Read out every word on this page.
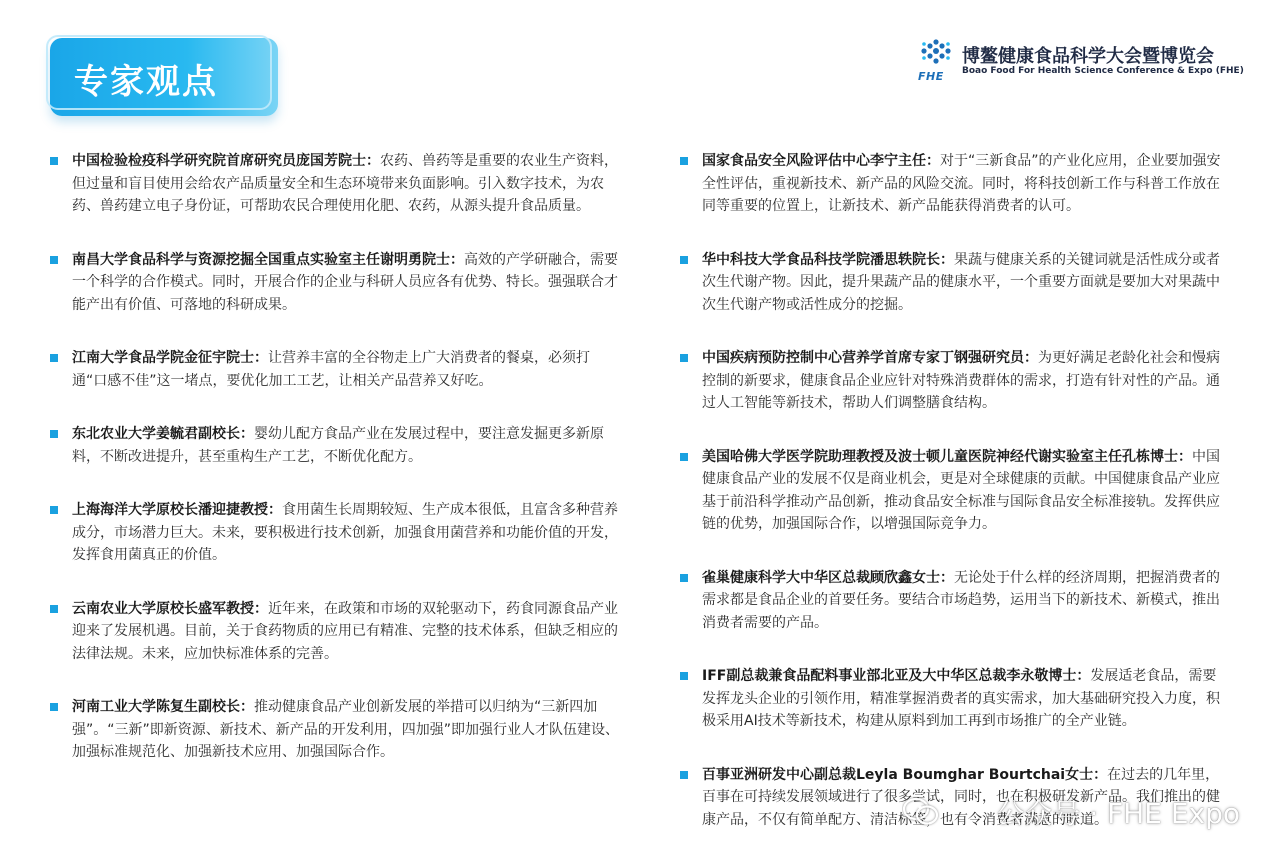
专家观点	FHE
博鳌健康食品科学大会暨博览会
Boao Food For Health Science Conference & Expo (FHE)

中国检验检疫科学研究院首席研究员庞国芳院士：农药、兽药等是重要的农业生产资料，但过量和盲目使用会给农产品质量安全和生态环境带来负面影响。引入数字技术，为农药、兽药建立电子身份证，可帮助农民合理使用化肥、农药，从源头提升食品质量。

南昌大学食品科学与资源挖掘全国重点实验室主任谢明勇院士：高效的产学研融合，需要一个科学的合作模式。同时，开展合作的企业与科研人员应各有优势、特长。强强联合才能产出有价值、可落地的科研成果。

江南大学食品学院金征宇院士：让营养丰富的全谷物走上广大消费者的餐桌，必须打通“口感不佳”这一堵点，要优化加工工艺，让相关产品营养又好吃。

东北农业大学姜毓君副校长：婴幼儿配方食品产业在发展过程中，要注意发掘更多新原料，不断改进提升，甚至重构生产工艺，不断优化配方。

上海海洋大学原校长潘迎捷教授：食用菌生长周期较短、生产成本很低，且富含多种营养成分，市场潜力巨大。未来，要积极进行技术创新，加强食用菌营养和功能价值的开发，发挥食用菌真正的价值。

云南农业大学原校长盛军教授：近年来，在政策和市场的双轮驱动下，药食同源食品产业迎来了发展机遇。目前，关于食药物质的应用已有精准、完整的技术体系，但缺乏相应的法律法规。未来，应加快标准体系的完善。

河南工业大学陈复生副校长：推动健康食品产业创新发展的举措可以归纳为“三新四加强”。“三新”即新资源、新技术、新产品的开发利用，四加强”即加强行业人才队伍建设、加强标准规范化、加强新技术应用、加强国际合作。

国家食品安全风险评估中心李宁主任：对于“三新食品”的产业化应用，企业要加强安全性评估，重视新技术、新产品的风险交流。同时，将科技创新工作与科普工作放在同等重要的位置上，让新技术、新产品能获得消费者的认可。

华中科技大学食品科技学院潘思轶院长：果蔬与健康关系的关键词就是活性成分或者次生代谢产物。因此，提升果蔬产品的健康水平，一个重要方面就是要加大对果蔬中次生代谢产物或活性成分的挖掘。

中国疾病预防控制中心营养学首席专家丁钢强研究员：为更好满足老龄化社会和慢病控制的新要求，健康食品企业应针对特殊消费群体的需求，打造有针对性的产品。通过人工智能等新技术，帮助人们调整膳食结构。

美国哈佛大学医学院助理教授及波士顿儿童医院神经代谢实验室主任孔栋博士：中国健康食品产业的发展不仅是商业机会，更是对全球健康的贡献。中国健康食品产业应基于前沿科学推动产品创新，推动食品安全标准与国际食品安全标准接轨。发挥供应链的优势，加强国际合作，以增强国际竞争力。

雀巢健康科学大中华区总裁顾欣鑫女士：无论处于什么样的经济周期，把握消费者的需求都是食品企业的首要任务。要结合市场趋势，运用当下的新技术、新模式，推出消费者需要的产品。

IFF副总裁兼食品配料事业部北亚及大中华区总裁李永敬博士：发展适老食品，需要发挥龙头企业的引领作用，精准掌握消费者的真实需求，加大基础研究投入力度，积极采用AI技术等新技术，构建从原料到加工再到市场推广的全产业链。

百事亚洲研发中心副总裁Leyla Boumghar Bourtchai女士：在过去的几年里，百事在可持续发展领域进行了很多尝试，同时，也在积极研发新产品。我们推出的健康产品，不仅有简单配方、清洁标签，也有令消费者满意的味道。

公众号 · FHE Expo
